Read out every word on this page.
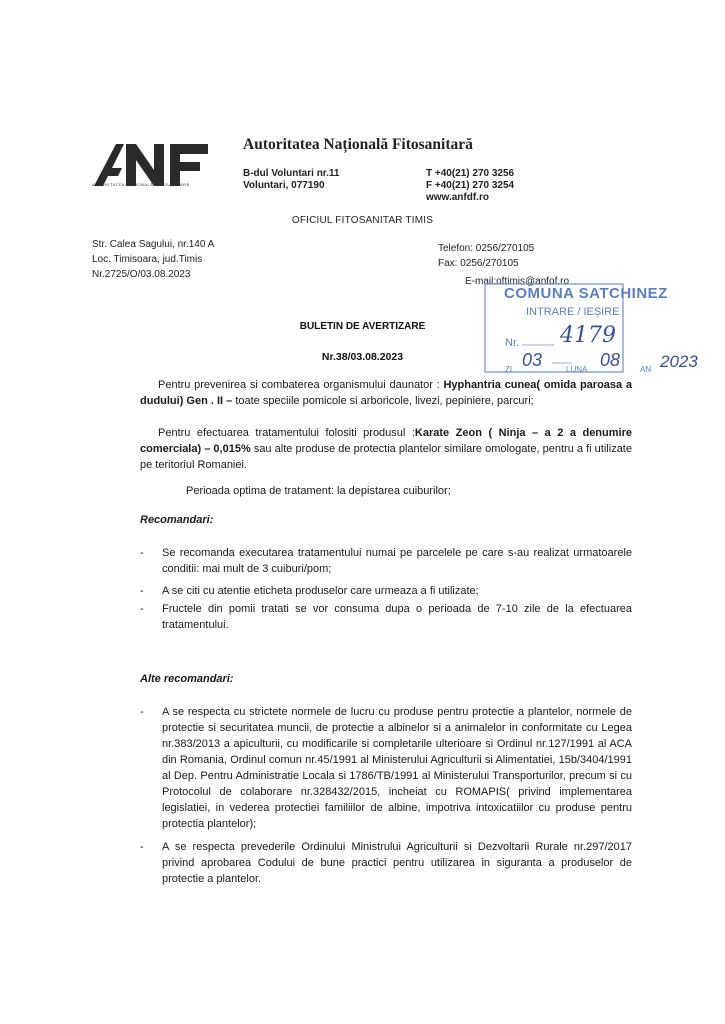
AUTORITATEA NAȚIONALĂ FITOSANITARĂ
Autoritatea Națională Fitosanitară
B-dul Voluntari nr.11
Voluntari, 077190
T +40(21) 270 3256
F +40(21) 270 3254
www.anfdf.ro
OFICIUL FITOSANITAR TIMIS
Str. Calea Sagului, nr.140 A
Loc. Timisoara, jud.Timis
Nr.2725/O/03.08.2023
Telefon: 0256/270105
Fax: 0256/270105
E-mail:oftimis@anfof.ro
COMUNA SATCHINEZ
INTRARE / IEȘIRE
Nr. 4179
ZI 03	LUNA 08 AN 2023
BULETIN DE AVERTIZARE
Nr.38/03.08.2023
Pentru prevenirea si combaterea organismului daunator : Hyphantria cunea( omida paroasa a dudului) Gen . II – toate speciile pomicole si arboricole, livezi, pepiniere, parcuri;
Pentru efectuarea tratamentului folositi produsul :Karate Zeon ( Ninja – a 2 a denumire comerciala) – 0,015% sau alte produse de protectia plantelor similare omologate, pentru a fi utilizate pe teritoriul Romaniei.
Perioada optima de tratament: la depistarea cuiburilor;
Recomandari:
- Se recomanda executarea tratamentului numai pe parcelele pe care s-au realizat urmatoarele conditii: mai mult de 3 cuiburi/pom;
- A se citi cu atentie eticheta produselor care urmeaza a fi utilizate;
- Fructele din pomii tratati se vor consuma dupa o perioada de 7-10 zile de la efectuarea tratamentului.
Alte recomandari:
- A se respecta cu strictete normele de lucru cu produse pentru protectie a plantelor, normele de protectie si securitatea muncii, de protectie a albinelor si a animalelor in conformitate cu Legea nr.383/2013 a apiculturii, cu modificarile si completarile ulterioare si Ordinul nr.127/1991 al ACA din Romania, Ordinul comun nr.45/1991 al Ministerului Agriculturii si Alimentatiei, 15b/3404/1991 al Dep. Pentru Administratie Locala si 1786/TB/1991 al Ministerului Transporturilor, precum si cu Protocolul de colaborare nr.328432/2015, incheiat cu ROMAPIS( privind implementarea legislatiei, in vederea protectiei familiilor de albine, impotriva intoxicatiilor cu produse pentru protectia plantelor);
- A se respecta prevederile Ordinului Ministrului Agriculturii si Dezvoltarii Rurale nr.297/2017 privind aprobarea Codului de bune practici pentru utilizarea in siguranta a produselor de protectie a plantelor.
